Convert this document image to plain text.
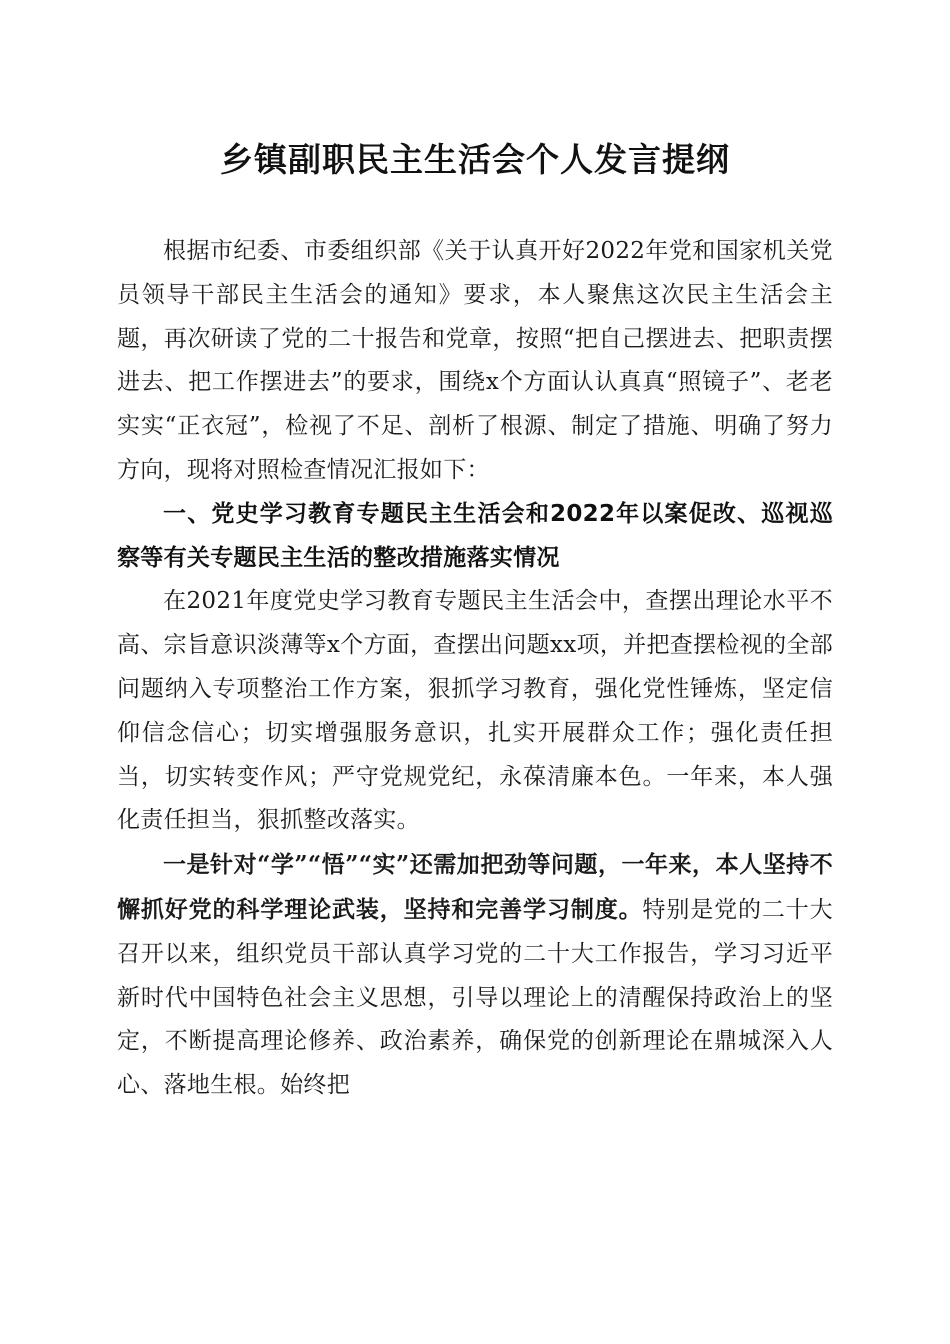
乡镇副职民主生活会个人发言提纲

根据市纪委、市委组织部《关于认真开好2022年党和国家机关党员领导干部民主生活会的通知》要求，本人聚焦这次民主生活会主题，再次研读了党的二十报告和党章，按照“把自己摆进去、把职责摆进去、把工作摆进去”的要求，围绕x个方面认认真真“照镜子”、老老实实“正衣冠”，检视了不足、剖析了根源、制定了措施、明确了努力方向，现将对照检查情况汇报如下：

一、党史学习教育专题民主生活会和2022年以案促改、巡视巡察等有关专题民主生活的整改措施落实情况

在2021年度党史学习教育专题民主生活会中，查摆出理论水平不高、宗旨意识淡薄等x个方面，查摆出问题xx项，并把查摆检视的全部问题纳入专项整治工作方案，狠抓学习教育，强化党性锤炼，坚定信仰信念信心；切实增强服务意识，扎实开展群众工作；强化责任担当，切实转变作风；严守党规党纪，永葆清廉本色。一年来，本人强化责任担当，狠抓整改落实。

一是针对“学”“悟”“实”还需加把劲等问题，一年来，本人坚持不懈抓好党的科学理论武装，坚持和完善学习制度。特别是党的二十大召开以来，组织党员干部认真学习党的二十大工作报告，学习习近平新时代中国特色社会主义思想，引导以理论上的清醒保持政治上的坚定，不断提高理论修养、政治素养，确保党的创新理论在鼎城深入人心、落地生根。始终把
